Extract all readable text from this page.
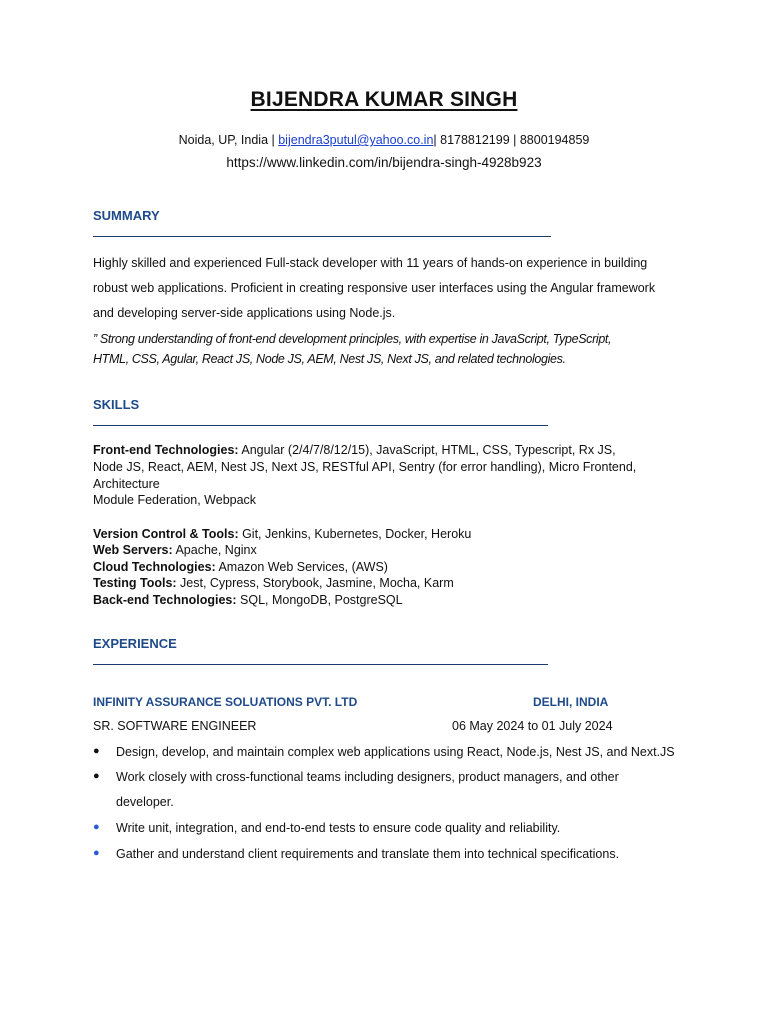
BIJENDRA KUMAR SINGH
Noida, UP, India | bijendra3putul@yahoo.co.in| 8178812199 | 8800194859
https://www.linkedin.com/in/bijendra-singh-4928b923
SUMMARY
Highly skilled and experienced Full-stack developer with 11 years of hands-on experience in building
robust web applications. Proficient in creating responsive user interfaces using the Angular framework
and developing server-side applications using Node.js.
” Strong understanding of front-end development principles, with expertise in JavaScript, TypeScript,
HTML, CSS, Agular, React JS, Node JS, AEM, Nest JS, Next JS, and related technologies.
SKILLS
Front-end Technologies: Angular (2/4/7/8/12/15), JavaScript, HTML, CSS, Typescript, Rx JS,
Node JS, React, AEM, Nest JS, Next JS, RESTful API, Sentry (for error handling), Micro Frontend,
Architecture
Module Federation, Webpack
Version Control & Tools: Git, Jenkins, Kubernetes, Docker, Heroku
Web Servers: Apache, Nginx
Cloud Technologies: Amazon Web Services, (AWS)
Testing Tools: Jest, Cypress, Storybook, Jasmine, Mocha, Karm
Back-end Technologies: SQL, MongoDB, PostgreSQL
EXPERIENCE
INFINITY ASSURANCE SOLUATIONS PVT. LTD	DELHI, INDIA
SR. SOFTWARE ENGINEER	06 May 2024 to 01 July 2024
● Design, develop, and maintain complex web applications using React, Node.js, Nest JS, and Next.JS
● Work closely with cross-functional teams including designers, product managers, and other
developer.
● Write unit, integration, and end-to-end tests to ensure code quality and reliability.
● Gather and understand client requirements and translate them into technical specifications.
